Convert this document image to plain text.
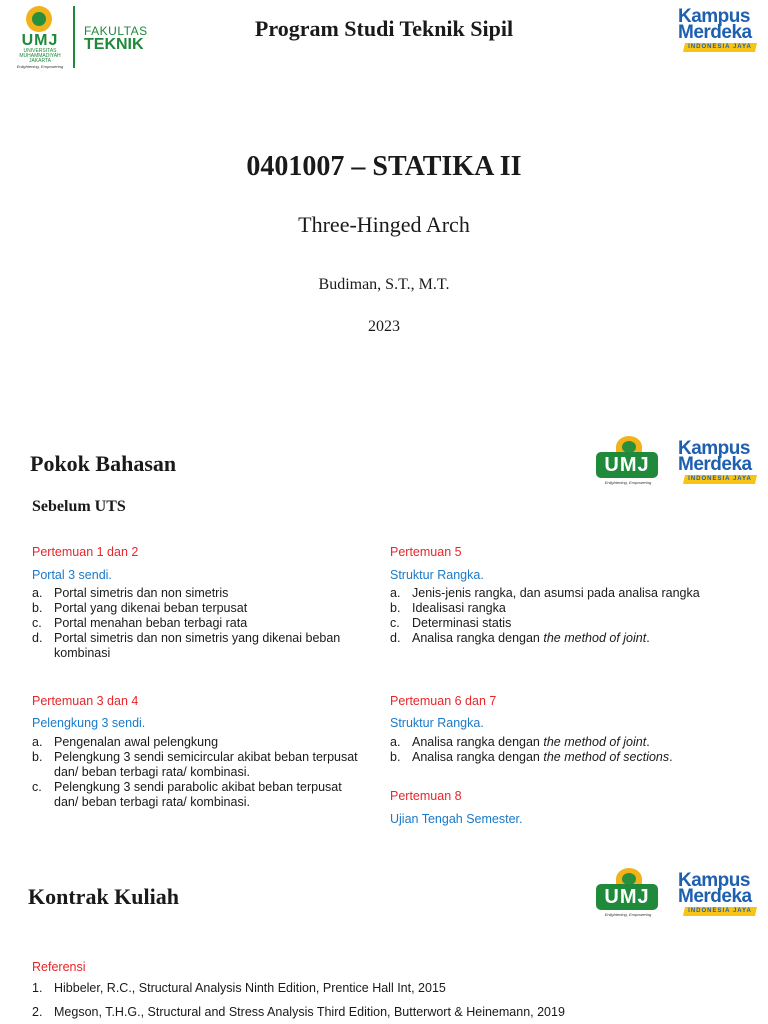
UMJ
UNIVERSITAS
MUHAMMADIYAH
JAKARTA
Enlightening, Empowering
FAKULTAS
TEKNIK
Program Studi Teknik Sipil	Kampus
Merdeka
INDONESIA JAYA
0401007 – STATIKA II
Three-Hinged Arch
Budiman, S.T., M.T.
2023
Pokok Bahasan
Sebelum UTS
UMJ
Enlightening, Empowering
Kampus
Merdeka
INDONESIA JAYA
Pertemuan 1 dan 2
Portal 3 sendi.
a. Portal simetris dan non simetris
b. Portal yang dikenai beban terpusat
c. Portal menahan beban terbagi rata
d. Portal simetris dan non simetris yang dikenai beban kombinasi
Pertemuan 3 dan 4
Pelengkung 3 sendi.
a. Pengenalan awal pelengkung
b. Pelengkung 3 sendi semicircular akibat beban terpusat dan/ beban terbagi rata/ kombinasi.
c. Pelengkung 3 sendi parabolic akibat beban terpusat dan/ beban terbagi rata/ kombinasi.
Pertemuan 5
Struktur Rangka.
a. Jenis-jenis rangka, dan asumsi pada analisa rangka
b. Idealisasi rangka
c. Determinasi statis
d. Analisa rangka dengan the method of joint.
Pertemuan 6 dan 7
Struktur Rangka.
a. Analisa rangka dengan the method of joint.
b. Analisa rangka dengan the method of sections.
Pertemuan 8
Ujian Tengah Semester.
Kontrak Kuliah	UMJ
Enlightening, Empowering
Kampus
Merdeka
INDONESIA JAYA
Referensi
1. Hibbeler, R.C., Structural Analysis Ninth Edition, Prentice Hall Int, 2015
2. Megson, T.H.G., Structural and Stress Analysis Third Edition, Butterwort & Heinemann, 2019
